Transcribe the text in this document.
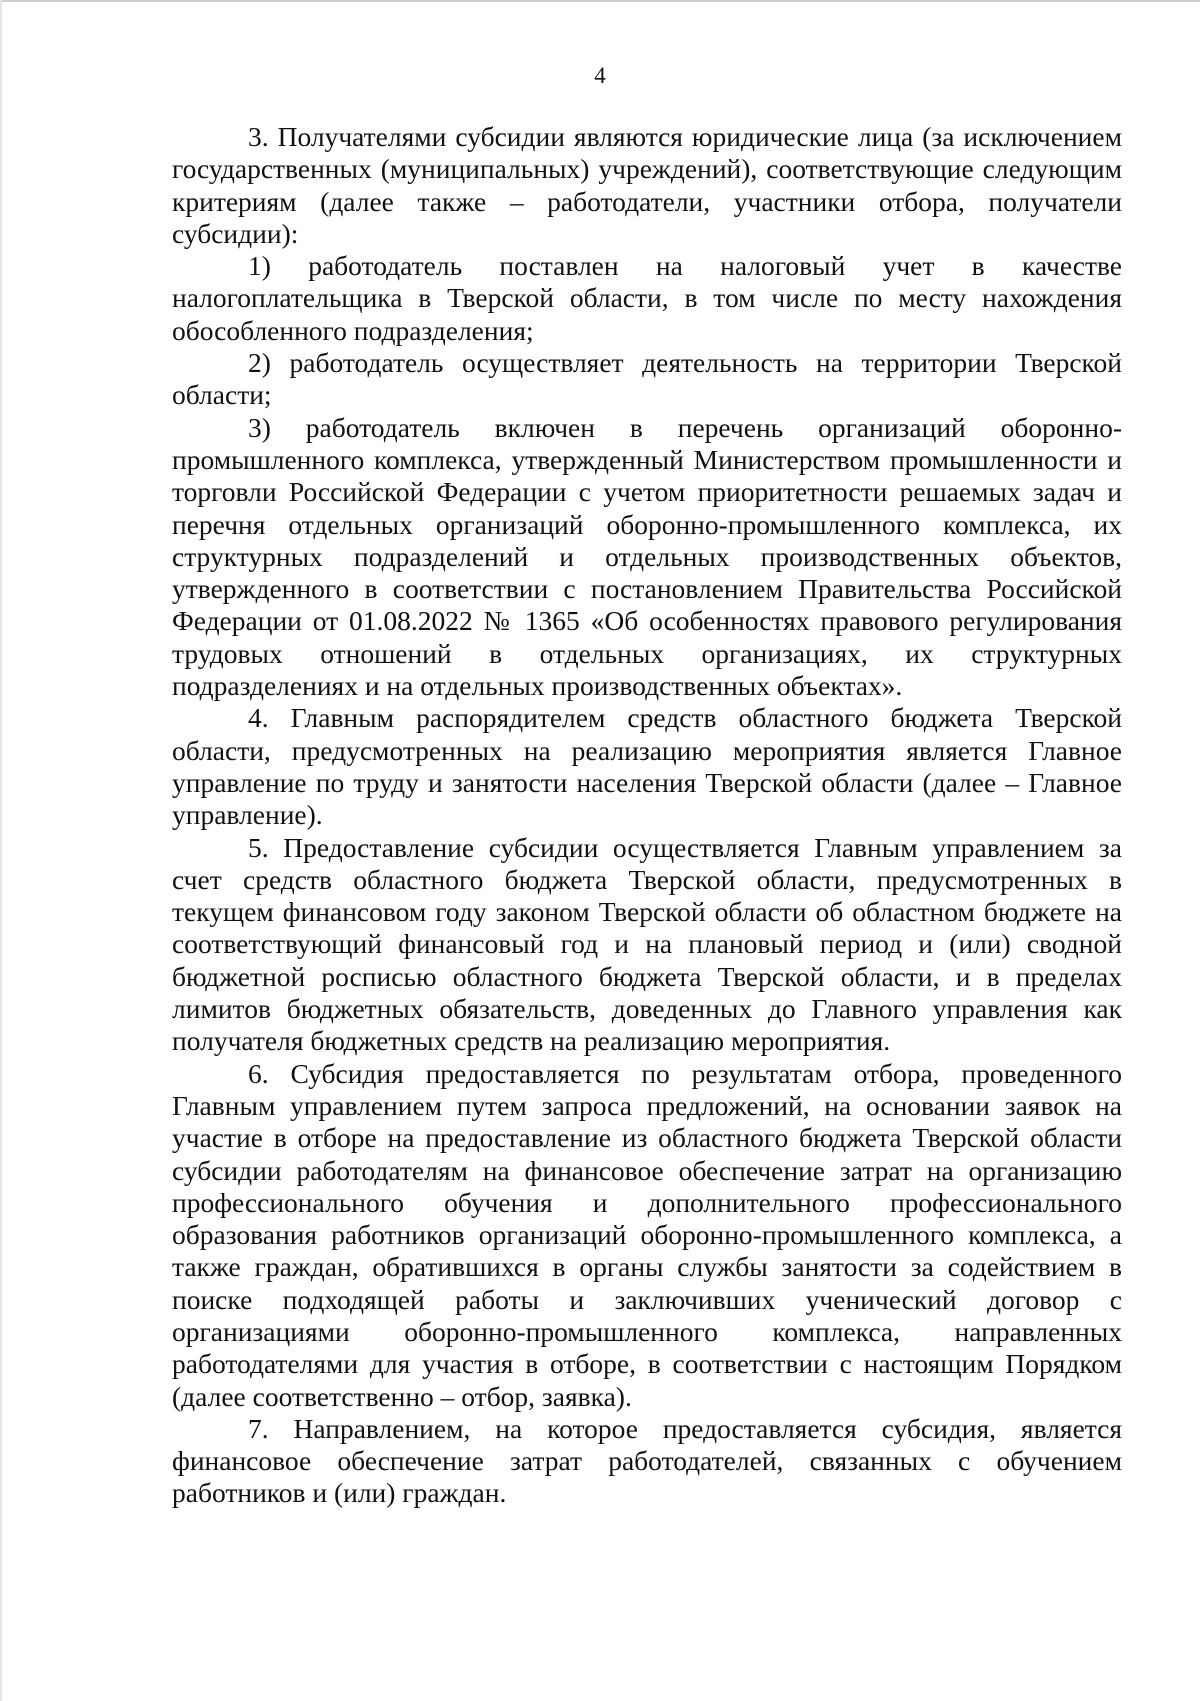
4

3. Получателями субсидии являются юридические лица (за исключением государственных (муниципальных) учреждений), соответствующие следующим критериям (далее также – работодатели, участники отбора, получатели субсидии):

1) работодатель поставлен на налоговый учет в качестве налогоплательщика в Тверской области, в том числе по месту нахождения обособленного подразделения;

2) работодатель осуществляет деятельность на территории Тверской области;

3) работодатель включен в перечень организаций оборонно-промышленного комплекса, утвержденный Министерством промышленности и торговли Российской Федерации с учетом приоритетности решаемых задач и перечня отдельных организаций оборонно-промышленного комплекса, их структурных подразделений и отдельных производственных объектов, утвержденного в соответствии с постановлением Правительства Российской Федерации от 01.08.2022 № 1365 «Об особенностях правового регулирования трудовых отношений в отдельных организациях, их структурных подразделениях и на отдельных производственных объектах».

4. Главным распорядителем средств областного бюджета Тверской области, предусмотренных на реализацию мероприятия является Главное управление по труду и занятости населения Тверской области (далее – Главное управление).

5. Предоставление субсидии осуществляется Главным управлением за счет средств областного бюджета Тверской области, предусмотренных в текущем финансовом году законом Тверской области об областном бюджете на соответствующий финансовый год и на плановый период и (или) сводной бюджетной росписью областного бюджета Тверской области, и в пределах лимитов бюджетных обязательств, доведенных до Главного управления как получателя бюджетных средств на реализацию мероприятия.

6. Субсидия предоставляется по результатам отбора, проведенного Главным управлением путем запроса предложений, на основании заявок на участие в отборе на предоставление из областного бюджета Тверской области субсидии работодателям на финансовое обеспечение затрат на организацию профессионального обучения и дополнительного профессионального образования работников организаций оборонно-промышленного комплекса, а также граждан, обратившихся в органы службы занятости за содействием в поиске подходящей работы и заключивших ученический договор с организациями оборонно-промышленного комплекса, направленных работодателями для участия в отборе, в соответствии с настоящим Порядком (далее соответственно – отбор, заявка).

7. Направлением, на которое предоставляется субсидия, является финансовое обеспечение затрат работодателей, связанных с обучением работников и (или) граждан.
